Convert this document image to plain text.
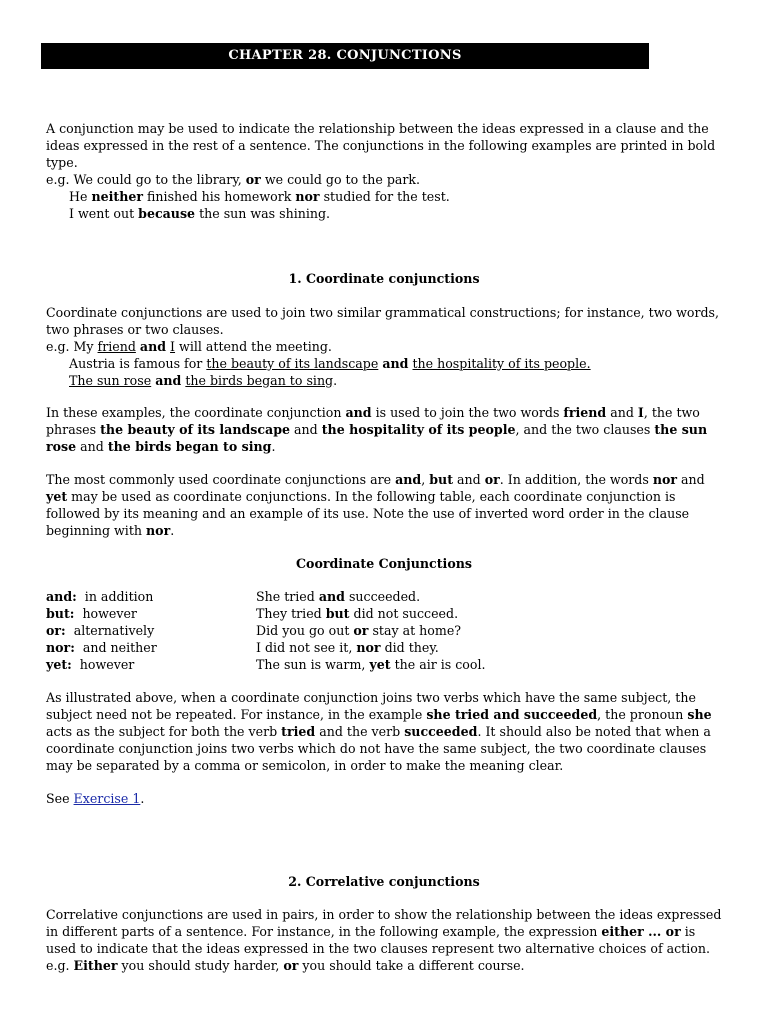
CHAPTER 28. CONJUNCTIONS

A conjunction may be used to indicate the relationship between the ideas expressed in a clause and the ideas expressed in the rest of a sentence. The conjunctions in the following examples are printed in bold type.

e.g. We could go to the library, or we could go to the park.

He neither finished his homework nor studied for the test.

I went out because the sun was shining.

1. Coordinate conjunctions

Coordinate conjunctions are used to join two similar grammatical constructions; for instance, two words, two phrases or two clauses.

e.g. My friend and I will attend the meeting.

Austria is famous for the beauty of its landscape and the hospitality of its people.

The sun rose and the birds began to sing.

In these examples, the coordinate conjunction and is used to join the two words friend and I, the two phrases the beauty of its landscape and the hospitality of its people, and the two clauses the sun rose and the birds began to sing.

The most commonly used coordinate conjunctions are and, but and or. In addition, the words nor and yet may be used as coordinate conjunctions. In the following table, each coordinate conjunction is followed by its meaning and an example of its use. Note the use of inverted word order in the clause beginning with nor.

Coordinate Conjunctions

and:  in addition	She tried and succeeded.
but:  however	They tried but did not succeed.
or:  alternatively	Did you go out or stay at home?
nor:  and neither	I did not see it, nor did they.
yet:  however	The sun is warm, yet the air is cool.

As illustrated above, when a coordinate conjunction joins two verbs which have the same subject, the subject need not be repeated. For instance, in the example she tried and succeeded, the pronoun she acts as the subject for both the verb tried and the verb succeeded. It should also be noted that when a coordinate conjunction joins two verbs which do not have the same subject, the two coordinate clauses may be separated by a comma or semicolon, in order to make the meaning clear.

See Exercise 1.

2. Correlative conjunctions

Correlative conjunctions are used in pairs, in order to show the relationship between the ideas expressed in different parts of a sentence. For instance, in the following example, the expression either ... or is used to indicate that the ideas expressed in the two clauses represent two alternative choices of action.

e.g. Either you should study harder, or you should take a different course.
